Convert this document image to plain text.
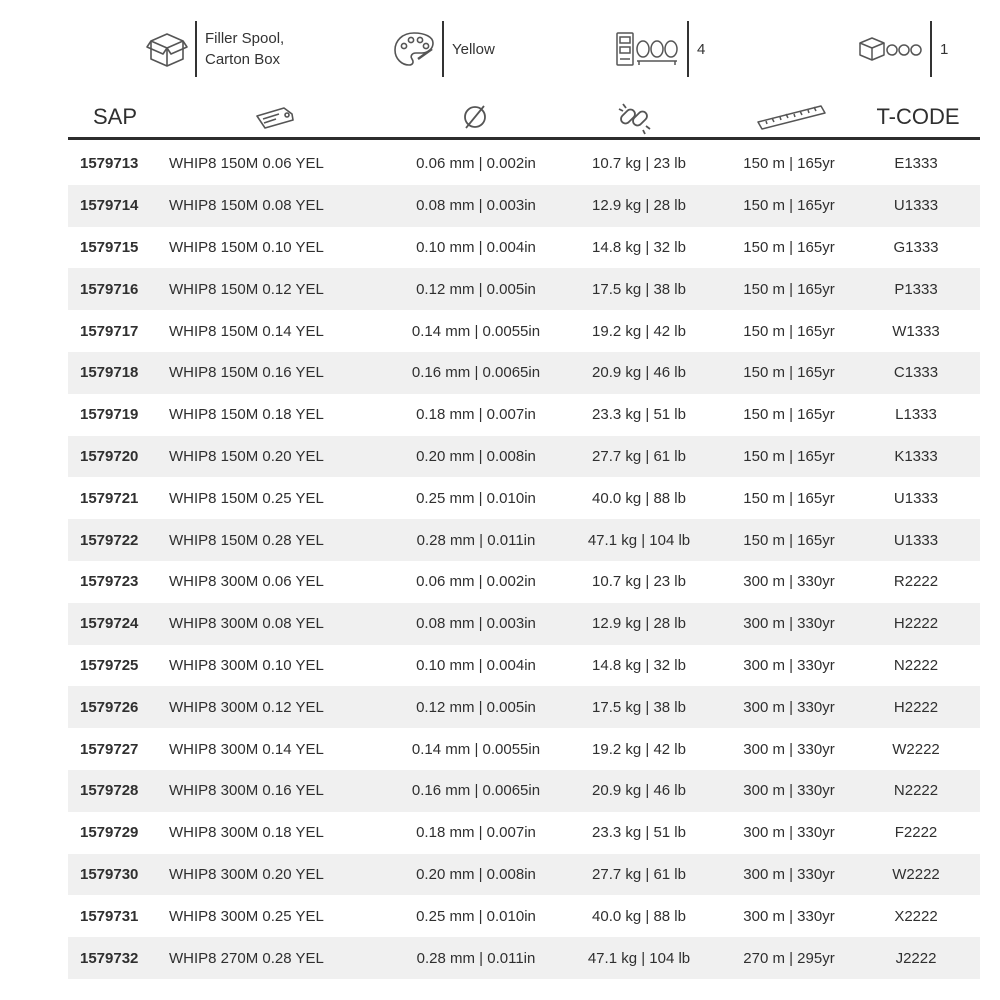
Filler Spool,
Carton Box
Yellow	4	1
SAP	T-CODE
1579713 WHIP8 150M 0.06 YEL	0.06 mm | 0.002in	10.7 kg | 23 lb	150 m | 165yr	E1333
1579714 WHIP8 150M 0.08 YEL	0.08 mm | 0.003in	12.9 kg | 28 lb	150 m | 165yr	U1333
1579715 WHIP8 150M 0.10 YEL	0.10 mm | 0.004in	14.8 kg | 32 lb	150 m | 165yr	G1333
1579716 WHIP8 150M 0.12 YEL	0.12 mm | 0.005in	17.5 kg | 38 lb	150 m | 165yr	P1333
1579717 WHIP8 150M 0.14 YEL	0.14 mm | 0.0055in	19.2 kg | 42 lb	150 m | 165yr	W1333
1579718 WHIP8 150M 0.16 YEL	0.16 mm | 0.0065in	20.9 kg | 46 lb	150 m | 165yr	C1333
1579719 WHIP8 150M 0.18 YEL	0.18 mm | 0.007in	23.3 kg | 51 lb	150 m | 165yr	L1333
1579720 WHIP8 150M 0.20 YEL	0.20 mm | 0.008in	27.7 kg | 61 lb	150 m | 165yr	K1333
1579721 WHIP8 150M 0.25 YEL	0.25 mm | 0.010in	40.0 kg | 88 lb	150 m | 165yr	U1333
1579722 WHIP8 150M 0.28 YEL	0.28 mm | 0.011in	47.1 kg | 104 lb	150 m | 165yr	U1333
1579723 WHIP8 300M 0.06 YEL	0.06 mm | 0.002in	10.7 kg | 23 lb	300 m | 330yr	R2222
1579724 WHIP8 300M 0.08 YEL	0.08 mm | 0.003in	12.9 kg | 28 lb	300 m | 330yr	H2222
1579725 WHIP8 300M 0.10 YEL	0.10 mm | 0.004in	14.8 kg | 32 lb	300 m | 330yr	N2222
1579726 WHIP8 300M 0.12 YEL	0.12 mm | 0.005in	17.5 kg | 38 lb	300 m | 330yr	H2222
1579727 WHIP8 300M 0.14 YEL	0.14 mm | 0.0055in	19.2 kg | 42 lb	300 m | 330yr	W2222
1579728 WHIP8 300M 0.16 YEL	0.16 mm | 0.0065in	20.9 kg | 46 lb	300 m | 330yr	N2222
1579729 WHIP8 300M 0.18 YEL	0.18 mm | 0.007in	23.3 kg | 51 lb	300 m | 330yr	F2222
1579730 WHIP8 300M 0.20 YEL	0.20 mm | 0.008in	27.7 kg | 61 lb	300 m | 330yr	W2222
1579731 WHIP8 300M 0.25 YEL	0.25 mm | 0.010in	40.0 kg | 88 lb	300 m | 330yr	X2222
1579732 WHIP8 270M 0.28 YEL	0.28 mm | 0.011in	47.1 kg | 104 lb	270 m | 295yr	J2222
